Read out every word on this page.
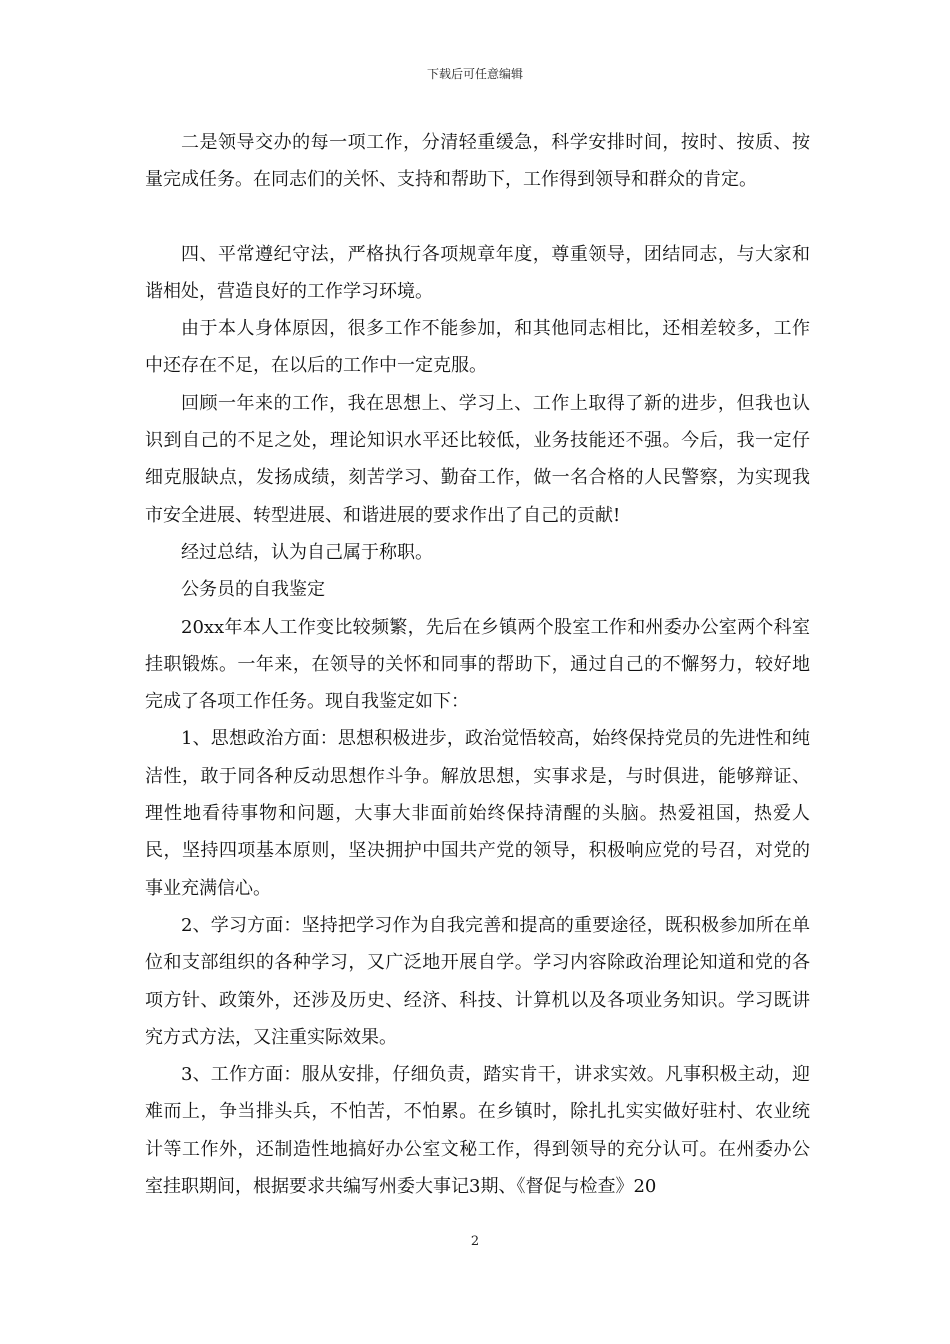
下载后可任意编辑

二是领导交办的每一项工作，分清轻重缓急，科学安排时间，按时、按质、按量完成任务。在同志们的关怀、支持和帮助下，工作得到领导和群众的肯定。

四、平常遵纪守法，严格执行各项规章年度，尊重领导，团结同志，与大家和谐相处，营造良好的工作学习环境。

由于本人身体原因，很多工作不能参加，和其他同志相比，还相差较多，工作中还存在不足，在以后的工作中一定克服。

回顾一年来的工作，我在思想上、学习上、工作上取得了新的进步，但我也认识到自己的不足之处，理论知识水平还比较低，业务技能还不强。今后，我一定仔细克服缺点，发扬成绩，刻苦学习、勤奋工作，做一名合格的人民警察，为实现我市安全进展、转型进展、和谐进展的要求作出了自己的贡献!

经过总结，认为自己属于称职。

公务员的自我鉴定

20xx年本人工作变比较频繁，先后在乡镇两个股室工作和州委办公室两个科室挂职锻炼。一年来，在领导的关怀和同事的帮助下，通过自己的不懈努力，较好地完成了各项工作任务。现自我鉴定如下：

1、思想政治方面：思想积极进步，政治觉悟较高，始终保持党员的先进性和纯洁性，敢于同各种反动思想作斗争。解放思想，实事求是，与时俱进，能够辩证、理性地看待事物和问题，大事大非面前始终保持清醒的头脑。热爱祖国，热爱人民，坚持四项基本原则，坚决拥护中国共产党的领导，积极响应党的号召，对党的事业充满信心。

2、学习方面：坚持把学习作为自我完善和提高的重要途径，既积极参加所在单位和支部组织的各种学习，又广泛地开展自学。学习内容除政治理论知道和党的各项方针、政策外，还涉及历史、经济、科技、计算机以及各项业务知识。学习既讲究方式方法，又注重实际效果。

3、工作方面：服从安排，仔细负责，踏实肯干，讲求实效。凡事积极主动，迎难而上，争当排头兵，不怕苦，不怕累。在乡镇时，除扎扎实实做好驻村、农业统计等工作外，还制造性地搞好办公室文秘工作，得到领导的充分认可。在州委办公室挂职期间，根据要求共编写州委大事记3期、《督促与检查》20

2
